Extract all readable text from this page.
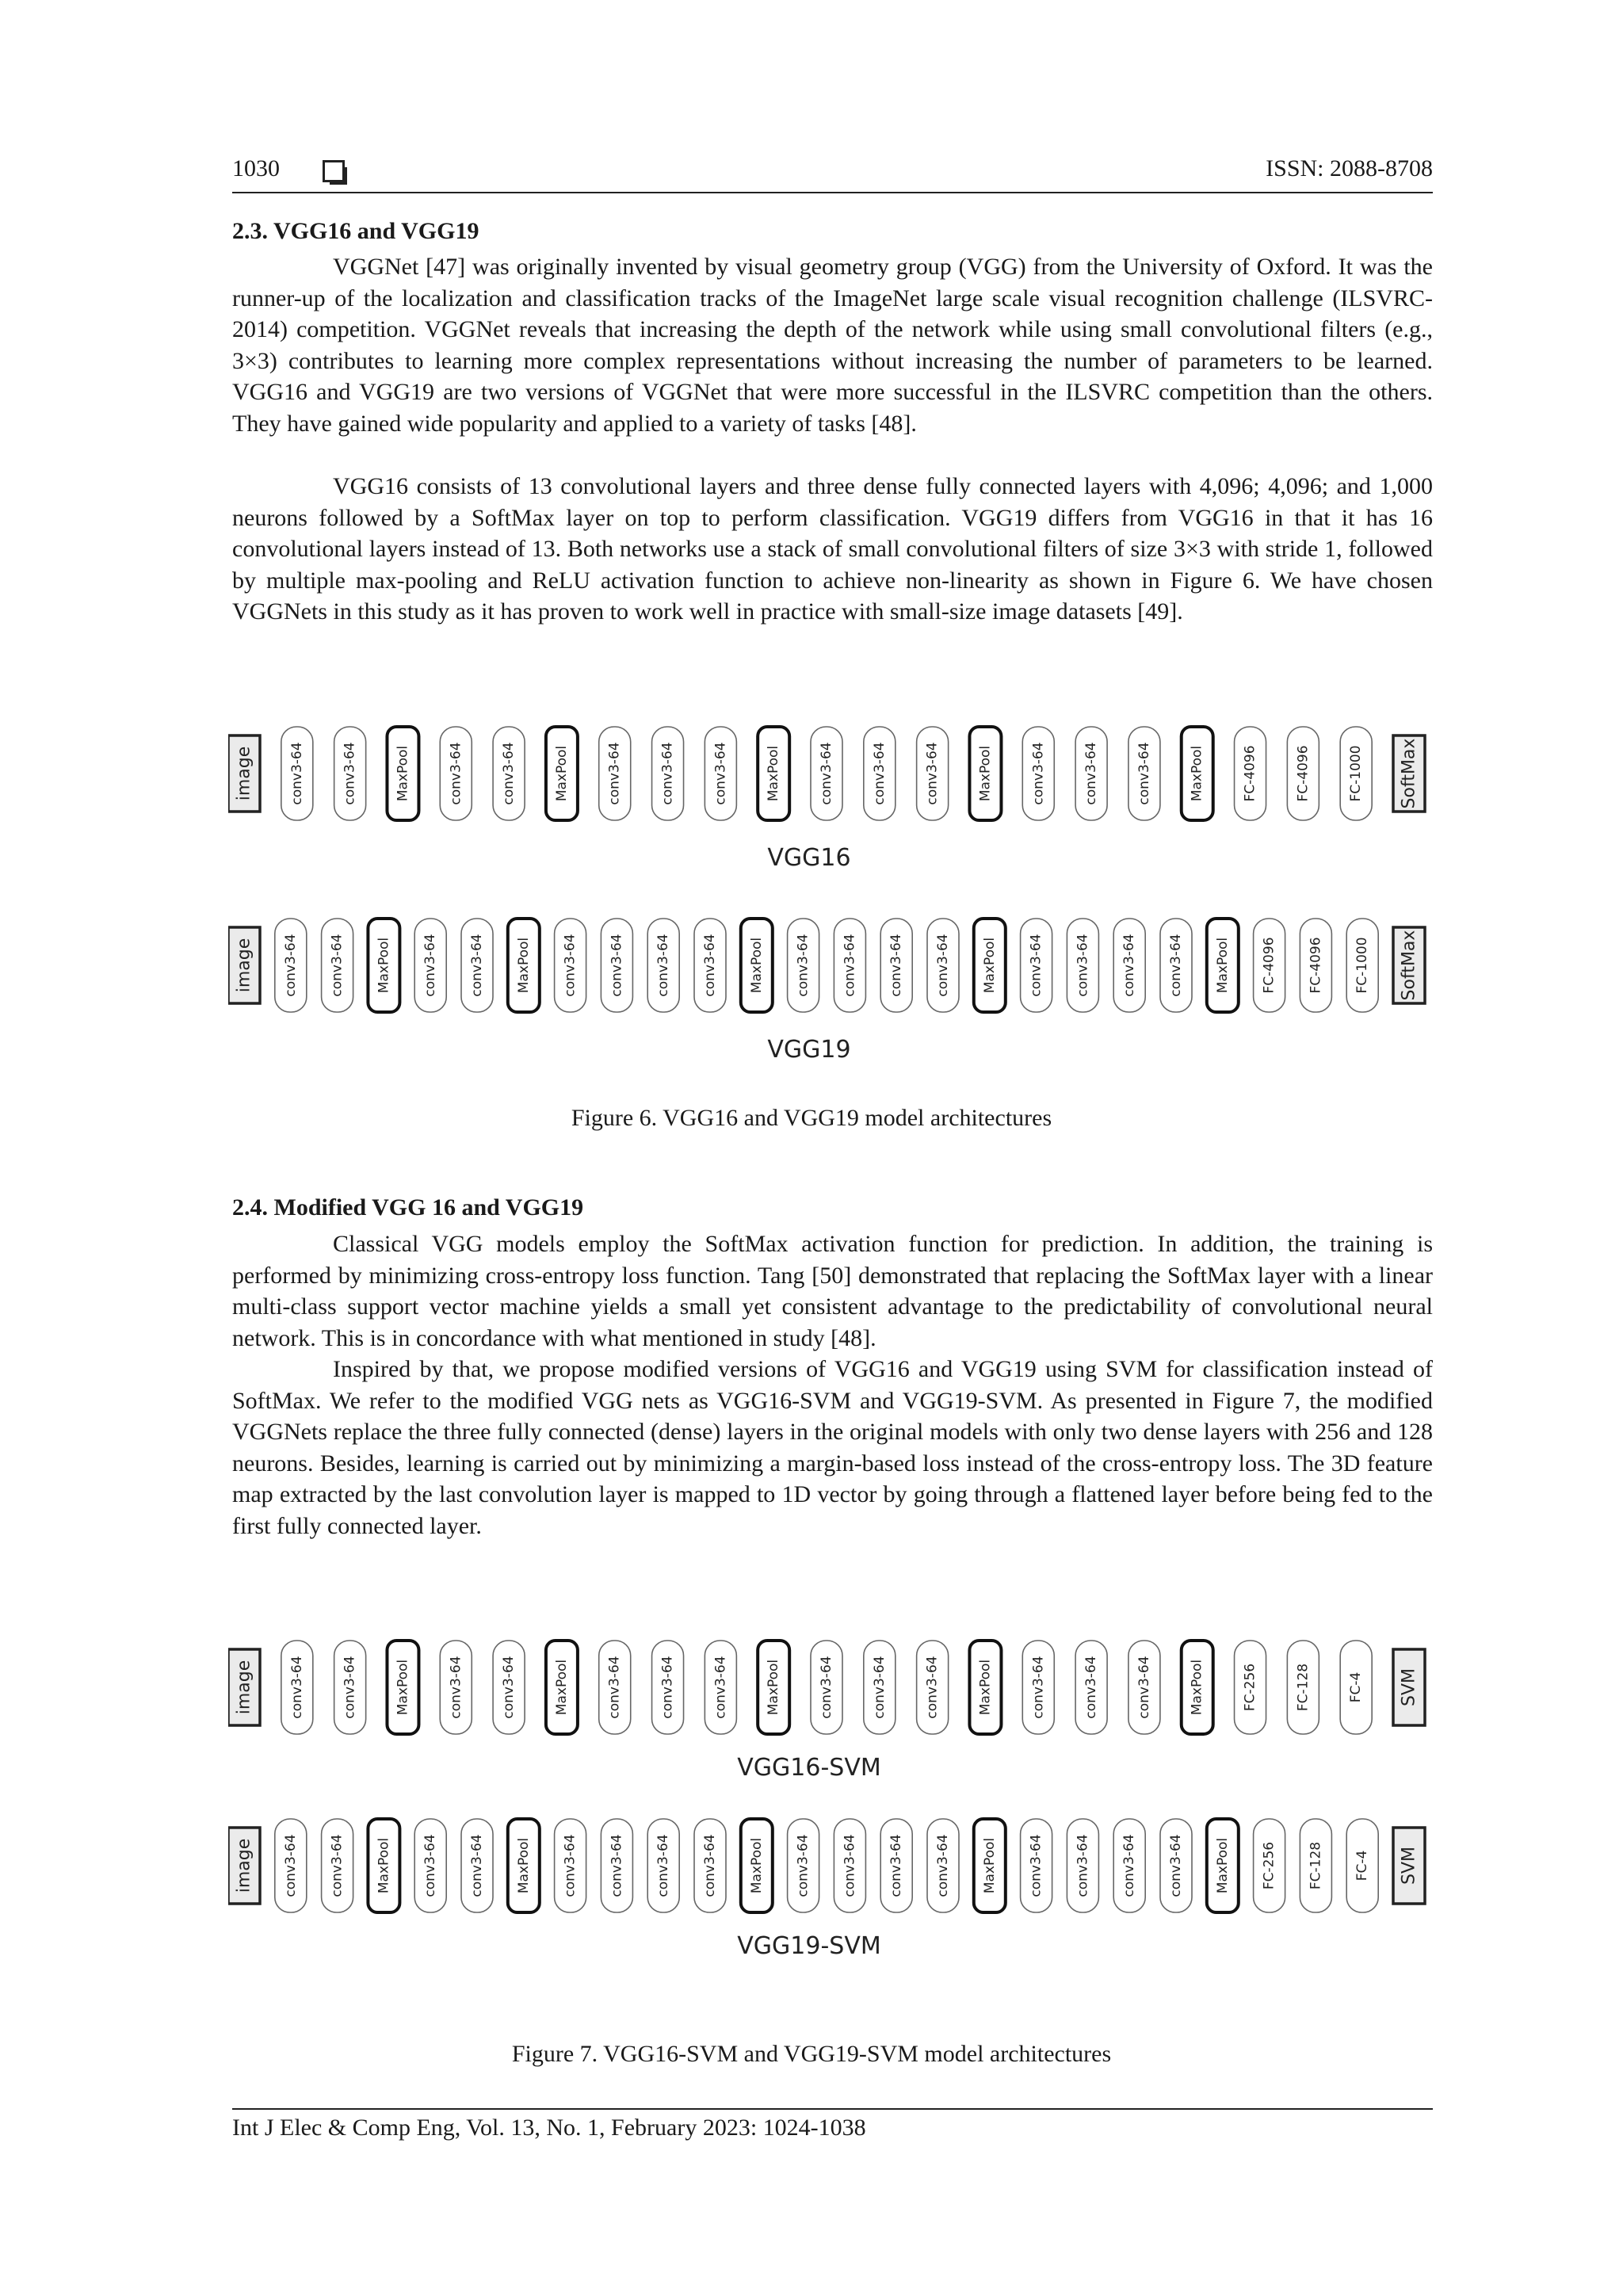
1030	ISSN: 2088-8708
2.3. VGG16 and VGG19

VGGNet [47] was originally invented by visual geometry group (VGG) from the University of Oxford. It was the runner-up of the localization and classification tracks of the ImageNet large scale visual recognition challenge (ILSVRC-2014) competition. VGGNet reveals that increasing the depth of the network while using small convolutional filters (e.g., 3×3) contributes to learning more complex representations without increasing the number of parameters to be learned. VGG16 and VGG19 are two versions of VGGNet that were more successful in the ILSVRC competition than the others. They have gained wide popularity and applied to a variety of tasks [48].

VGG16 consists of 13 convolutional layers and three dense fully connected layers with 4,096; 4,096; and 1,000 neurons followed by a SoftMax layer on top to perform classification. VGG19 differs from VGG16 in that it has 16 convolutional layers instead of 13. Both networks use a stack of small convolutional filters of size 3×3 with stride 1, followed by multiple max-pooling and ReLU activation function to achieve non-linearity as shown in Figure 6. We have chosen VGGNets in this study as it has proven to work well in practice with small-size image datasets [49].

image	conv3-64	conv3-64	MaxPool	conv3-64	conv3-64	MaxPool	conv3-64	conv3-64	conv3-64	MaxPool	conv3-64	conv3-64	conv3-64	MaxPool	conv3-64	conv3-64	conv3-64	MaxPool	FC-4096	FC-4096	FC-1000 SoftMax
VGG16
image conv3-64 conv3-64 MaxPool conv3-64 conv3-64 MaxPool conv3-64 conv3-64 conv3-64 conv3-64 MaxPool conv3-64 conv3-64 conv3-64 conv3-64 MaxPool conv3-64 conv3-64 conv3-64 conv3-64 MaxPool FC-4096 FC-4096 FC-1000 SoftMax
VGG19
Figure 6. VGG16 and VGG19 model architectures
2.4. Modified VGG 16 and VGG19

Classical VGG models employ the SoftMax activation function for prediction. In addition, the training is performed by minimizing cross-entropy loss function. Tang [50] demonstrated that replacing the SoftMax layer with a linear multi-class support vector machine yields a small yet consistent advantage to the predictability of convolutional neural network. This is in concordance with what mentioned in study [48].

Inspired by that, we propose modified versions of VGG16 and VGG19 using SVM for classification instead of SoftMax. We refer to the modified VGG nets as VGG16-SVM and VGG19-SVM. As presented in Figure 7, the modified VGGNets replace the three fully connected (dense) layers in the original models with only two dense layers with 256 and 128 neurons. Besides, learning is carried out by minimizing a margin-based loss instead of the cross-entropy loss. The 3D feature map extracted by the last convolution layer is mapped to 1D vector by going through a flattened layer before being fed to the first fully connected layer.

image	conv3-64	conv3-64	MaxPool	conv3-64	conv3-64	MaxPool	conv3-64	conv3-64	conv3-64	MaxPool	conv3-64	conv3-64	conv3-64	MaxPool	conv3-64	conv3-64	conv3-64	MaxPool	FC-256	FC-128	FC-4 SVM
VGG16-SVM
image conv3-64 conv3-64 MaxPool conv3-64 conv3-64 MaxPool conv3-64 conv3-64 conv3-64 conv3-64 MaxPool conv3-64 conv3-64 conv3-64 conv3-64 MaxPool conv3-64 conv3-64 conv3-64 conv3-64 MaxPool FC-256 FC-128 FC-4 SVM
VGG19-SVM
Figure 7. VGG16-SVM and VGG19-SVM model architectures
Int J Elec & Comp Eng, Vol. 13, No. 1, February 2023: 1024-1038
